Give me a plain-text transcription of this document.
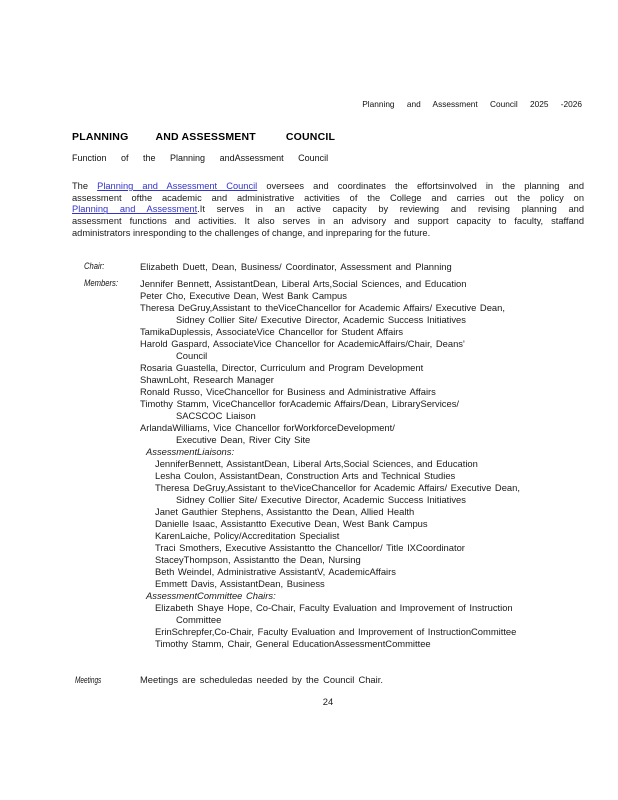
Planning and Assessment Council 2025 -2026
PLANNING	AND ASSESSMENT	COUNCIL
Function of the Planning andAssessment Council
The Planning and Assessment Council oversees and coordinates the effortsinvolved in the planning and
assessment ofthe academic and administrative activities of the College and carries out the policy on
Planning and Assessment.It serves in an active capacity by reviewing and revising planning and
assessment functions and activities. It also serves in an advisory and support capacity to faculty, staffand
administrators inresponding to the challenges of change, and inpreparing for the future.
Chair:	Elizabeth Duett, Dean, Business/ Coordinator, Assessment and Planning
Members:	Jennifer Bennett, AssistantDean, Liberal Arts,Social Sciences, and Education
Peter Cho, Executive Dean, West Bank Campus
Theresa DeGruy,Assistant to theViceChancellor for Academic Affairs/ Executive Dean,
Sidney Collier Site/ Executive Director, Academic Success Initiatives
TamikaDuplessis, AssociateVice Chancellor for Student Affairs
Harold Gaspard, AssociateVice Chancellor for AcademicAffairs/Chair, Deans'
Council
Rosaria Guastella, Director, Curriculum and Program Development
ShawnLoht, Research Manager
Ronald Russo, ViceChancellor for Business and Administrative Affairs
Timothy Stamm, ViceChancellor forAcademic Affairs/Dean, LibraryServices/
SACSCOC Liaison
ArlandaWilliams, Vice Chancellor forWorkforceDevelopment/
Executive Dean, River City Site
AssessmentLiaisons:
JenniferBennett, AssistantDean, Liberal Arts,Social Sciences, and Education
Lesha Coulon, AssistantDean, Construction Arts and Technical Studies
Theresa DeGruy,Assistant to theViceChancellor for Academic Affairs/ Executive Dean,
Sidney Collier Site/ Executive Director, Academic Success Initiatives
Janet Gauthier Stephens, Assistantto the Dean, Allied Health
Danielle Isaac, Assistantto Executive Dean, West Bank Campus
KarenLaiche, Policy/Accreditation Specialist
Traci Smothers, Executive Assistantto the Chancellor/ Title IXCoordinator
StaceyThompson, Assistantto the Dean, Nursing
Beth Weindel, Administrative AssistantV, AcademicAffairs
Emmett Davis, AssistantDean, Business
AssessmentCommittee Chairs:
Elizabeth Shaye Hope, Co-Chair, Faculty Evaluation and Improvement of Instruction
Committee
ErinSchrepfer,Co-Chair, Faculty Evaluation and Improvement of InstructionCommittee
Timothy Stamm, Chair, General EducationAssessmentCommittee
Meetings	Meetings are scheduledas needed by the Council Chair.
24
